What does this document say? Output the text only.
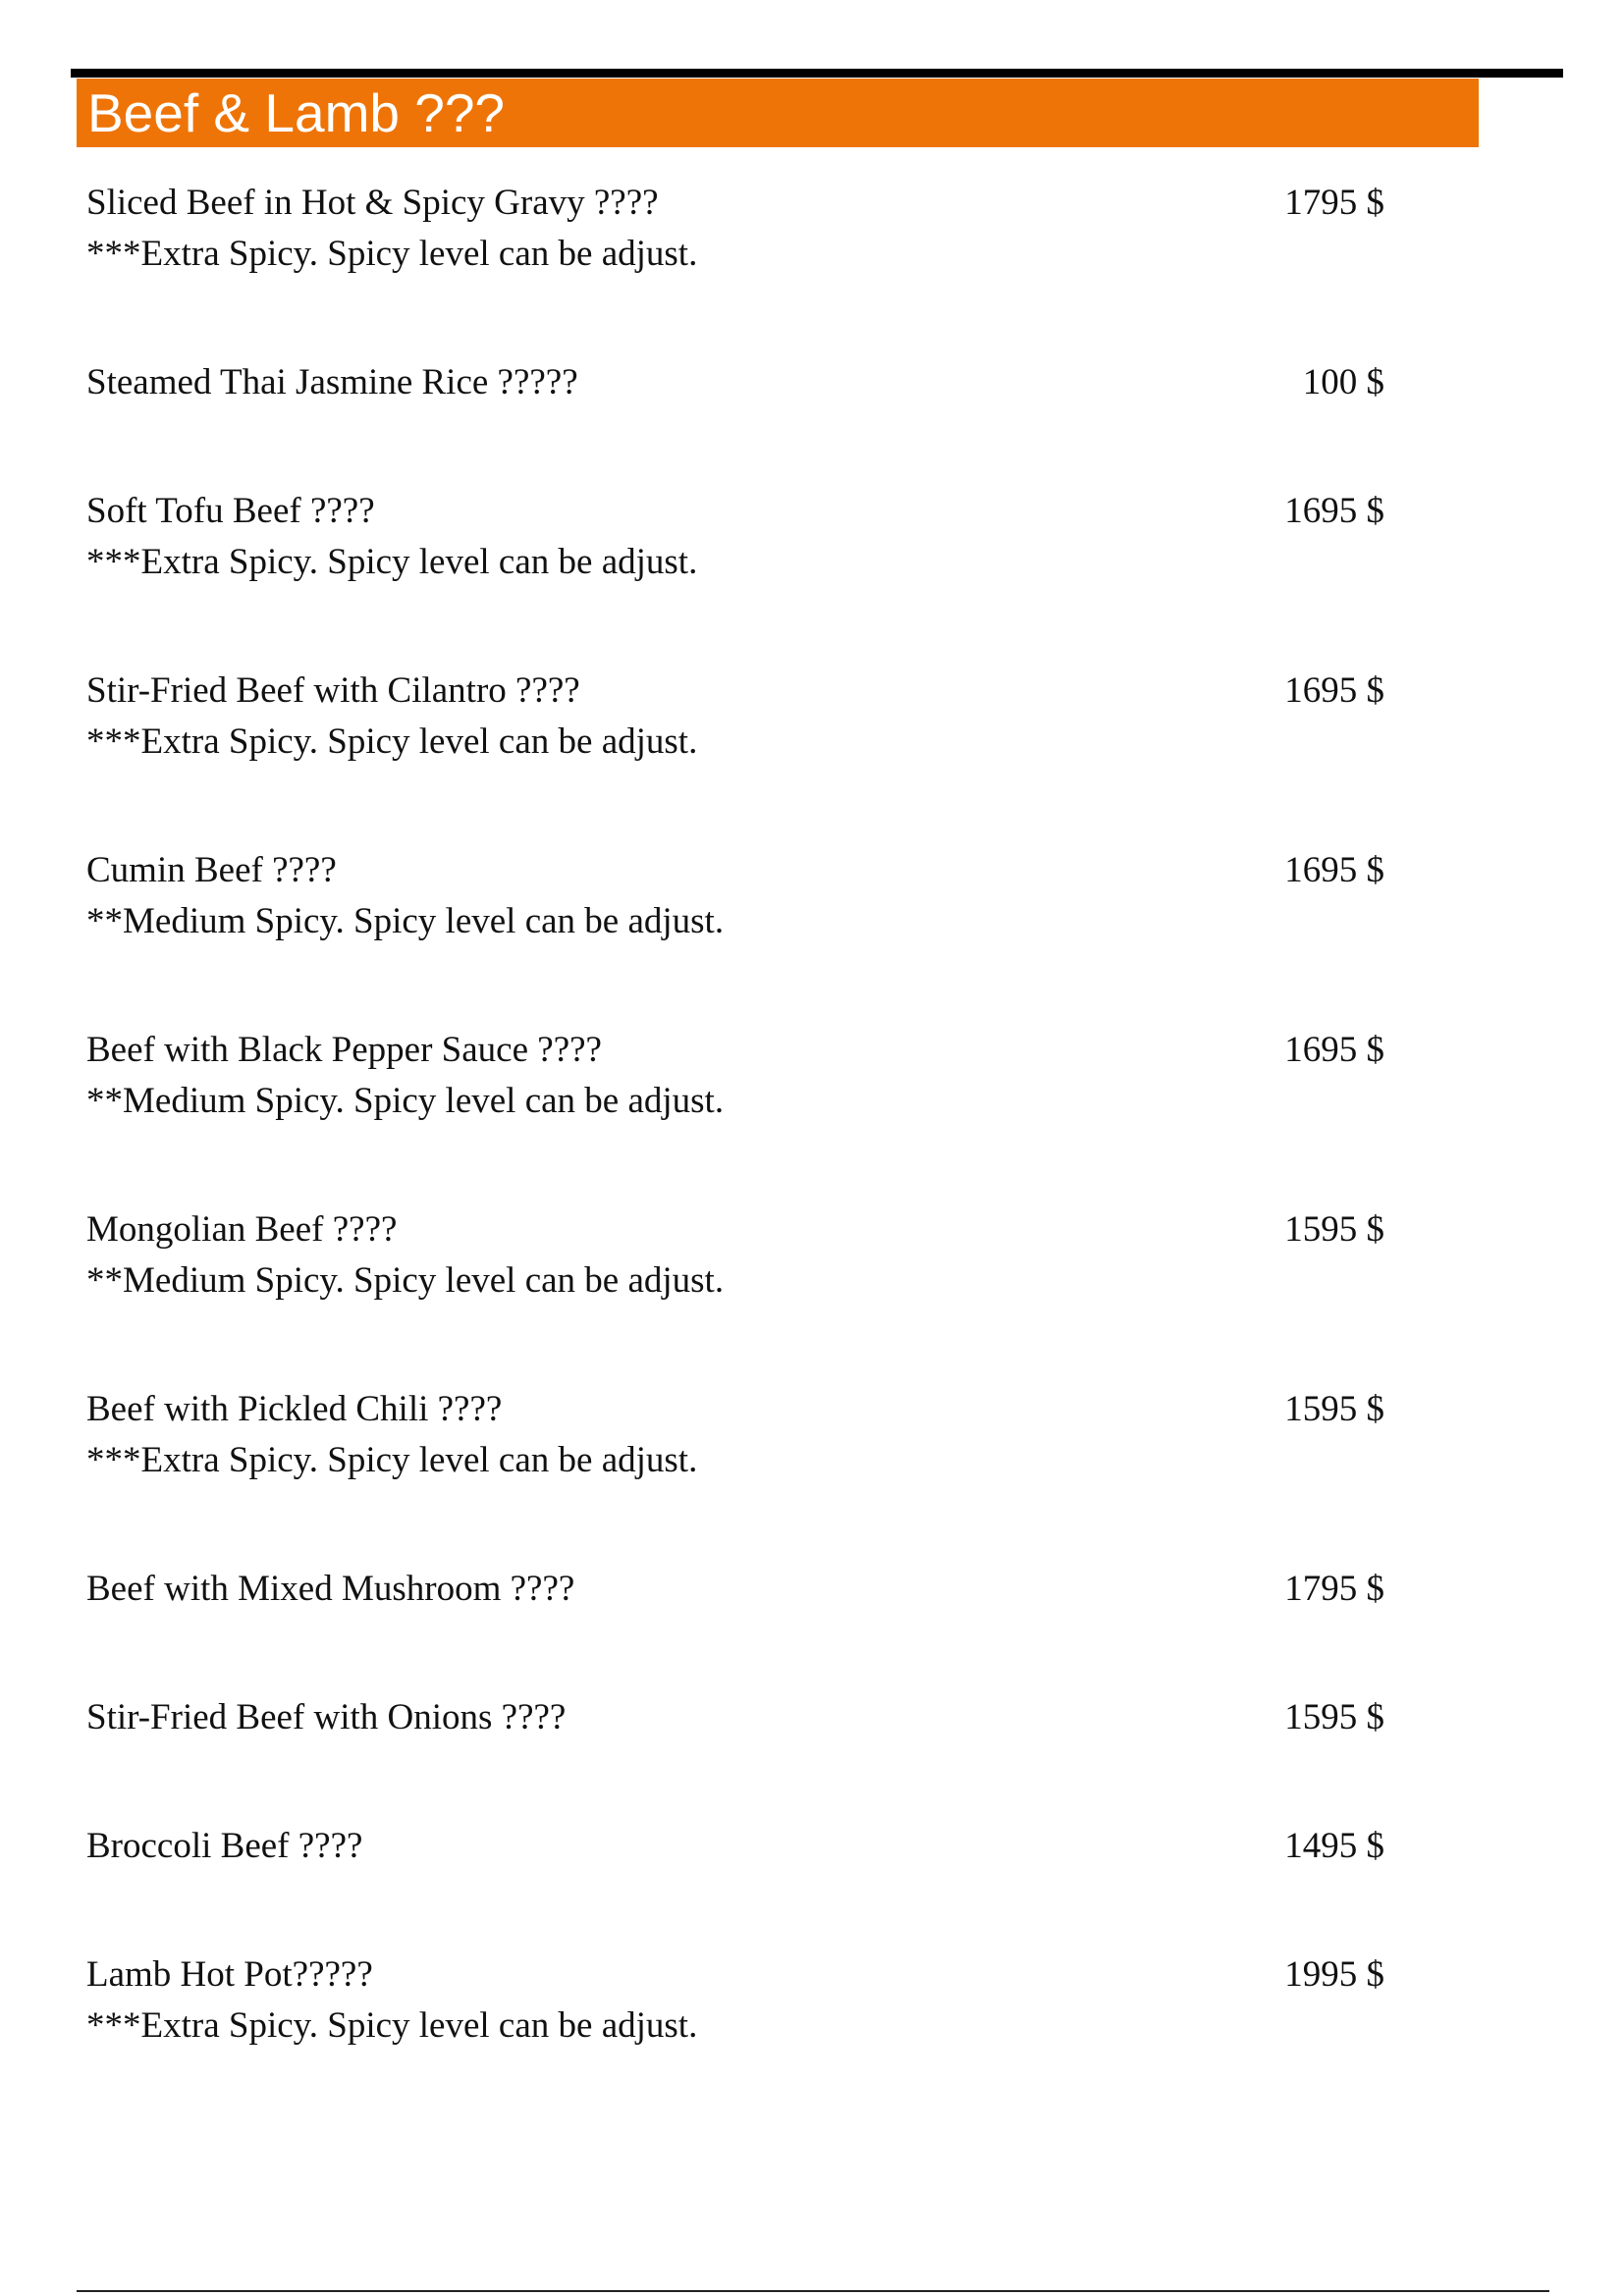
Beef & Lamb ???
Sliced Beef in Hot & Spicy Gravy ????	1795 $
***Extra Spicy. Spicy level can be adjust.
Steamed Thai Jasmine Rice ?????	100 $
Soft Tofu Beef ????	1695 $
***Extra Spicy. Spicy level can be adjust.
Stir-Fried Beef with Cilantro ????	1695 $
***Extra Spicy. Spicy level can be adjust.
Cumin Beef ????	1695 $
**Medium Spicy. Spicy level can be adjust.
Beef with Black Pepper Sauce ????	1695 $
**Medium Spicy. Spicy level can be adjust.
Mongolian Beef ????	1595 $
**Medium Spicy. Spicy level can be adjust.
Beef with Pickled Chili ????	1595 $
***Extra Spicy. Spicy level can be adjust.
Beef with Mixed Mushroom ????	1795 $
Stir-Fried Beef with Onions ????	1595 $
Broccoli Beef ????	1495 $
Lamb Hot Pot?????	1995 $
***Extra Spicy. Spicy level can be adjust.
